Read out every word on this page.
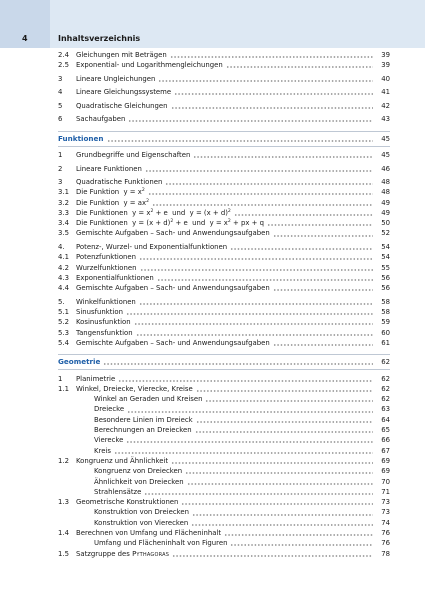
4	Inhaltsverzeichnis
2.4	Gleichungen mit Beträgen	39
2.5	Exponential- und Logarithmengleichungen	39
3	Lineare Ungleichungen	40
4	Lineare Gleichungssysteme	41
5	Quadratische Gleichungen	42
6	Sachaufgaben	43
Funktionen	45
1	Grundbegriffe und Eigenschaften	45
2	Lineare Funktionen	46
3	Quadratische Funktionen	48
3.1	Die Funktion  $y = x^2$	48
3.2	Die Funktion  $y = ax^2$	49
3.3	Die Funktionen  $y = x^2 + e$  und  $y = (x + d)^2$	49
3.4	Die Funktionen  $y = (x + d)^2 + e$  und  $y = x^2$ + px + q	50
3.5	Gemischte Aufgaben – Sach- und Anwendungsaufgaben	52
4.	Potenz-, Wurzel- und Exponentialfunktionen	54
4.1	Potenzfunktionen	54
4.2	Wurzelfunktionen	55
4.3	Exponentialfunktionen	56
4.4	Gemischte Aufgaben – Sach- und Anwendungsaufgaben	56
5.	Winkelfunktionen	58
5.1	Sinusfunktion	58
5.2	Kosinusfunktion	59
5.3	Tangensfunktion	60
5.4	Gemischte Aufgaben – Sach- und Anwendungsaufgaben	61
Geometrie	62
1	Planimetrie	62
1.1	Winkel, Dreiecke, Vierecke, Kreise	62
Winkel an Geraden und Kreisen	62
Dreiecke	63
Besondere Linien im Dreieck	64
Berechnungen an Dreiecken	65
Vierecke	66
Kreis	67
1.2	Kongruenz und Ähnlichkeit	69
Kongruenz von Dreiecken	69
Ähnlichkeit von Dreiecken	70
Strahlensätze	71
1.3	Geometrische Konstruktionen	73
Konstruktion von Dreiecken	73
Konstruktion von Vierecken	74
1.4	Berechnen von Umfang und Flächeninhalt	76
Umfang und Flächeninhalt von Figuren	76
1.5	Satzgruppe des Pythagoras	78
